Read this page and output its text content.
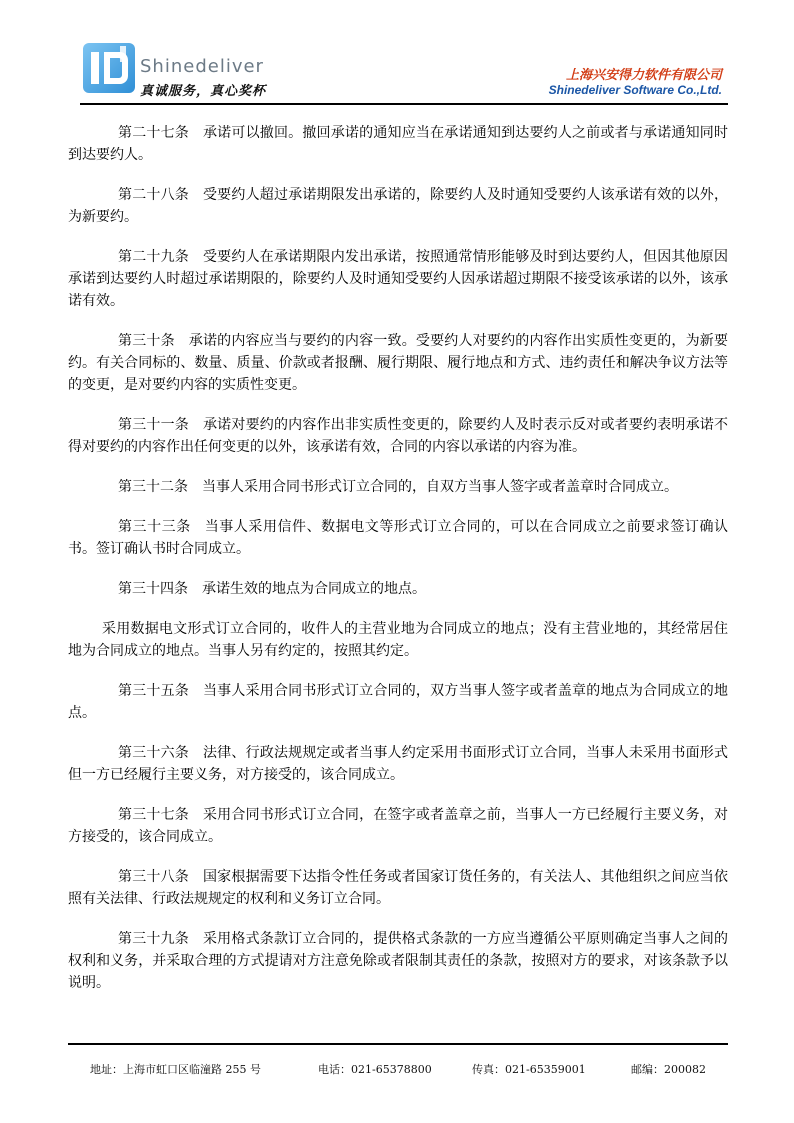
Shinedeliver
真诚服务，真心奖杯
上海兴安得力软件有限公司
Shinedeliver Software Co.,Ltd.

第二十七条 承诺可以撤回。撤回承诺的通知应当在承诺通知到达要约人之前或者与承诺通知同时到达要约人。

第二十八条 受要约人超过承诺期限发出承诺的，除要约人及时通知受要约人该承诺有效的以外，为新要约。

第二十九条 受要约人在承诺期限内发出承诺，按照通常情形能够及时到达要约人，但因其他原因承诺到达要约人时超过承诺期限的，除要约人及时通知受要约人因承诺超过期限不接受该承诺的以外，该承诺有效。

第三十条 承诺的内容应当与要约的内容一致。受要约人对要约的内容作出实质性变更的，为新要约。有关合同标的、数量、质量、价款或者报酬、履行期限、履行地点和方式、违约责任和解决争议方法等的变更，是对要约内容的实质性变更。

第三十一条 承诺对要约的内容作出非实质性变更的，除要约人及时表示反对或者要约表明承诺不得对要约的内容作出任何变更的以外，该承诺有效，合同的内容以承诺的内容为准。

第三十二条 当事人采用合同书形式订立合同的，自双方当事人签字或者盖章时合同成立。

第三十三条 当事人采用信件、数据电文等形式订立合同的，可以在合同成立之前要求签订确认书。签订确认书时合同成立。

第三十四条 承诺生效的地点为合同成立的地点。

采用数据电文形式订立合同的，收件人的主营业地为合同成立的地点；没有主营业地的，其经常居住地为合同成立的地点。当事人另有约定的，按照其约定。

第三十五条 当事人采用合同书形式订立合同的，双方当事人签字或者盖章的地点为合同成立的地点。

第三十六条 法律、行政法规规定或者当事人约定采用书面形式订立合同，当事人未采用书面形式但一方已经履行主要义务，对方接受的，该合同成立。

第三十七条 采用合同书形式订立合同，在签字或者盖章之前，当事人一方已经履行主要义务，对方接受的，该合同成立。

第三十八条 国家根据需要下达指令性任务或者国家订货任务的，有关法人、其他组织之间应当依照有关法律、行政法规规定的权利和义务订立合同。

第三十九条 采用格式条款订立合同的，提供格式条款的一方应当遵循公平原则确定当事人之间的权利和义务，并采取合理的方式提请对方注意免除或者限制其责任的条款，按照对方的要求，对该条款予以说明。

地址：上海市虹口区临潼路 255 号	电话：021-65378800	传真：021-65359001	邮编：200082
